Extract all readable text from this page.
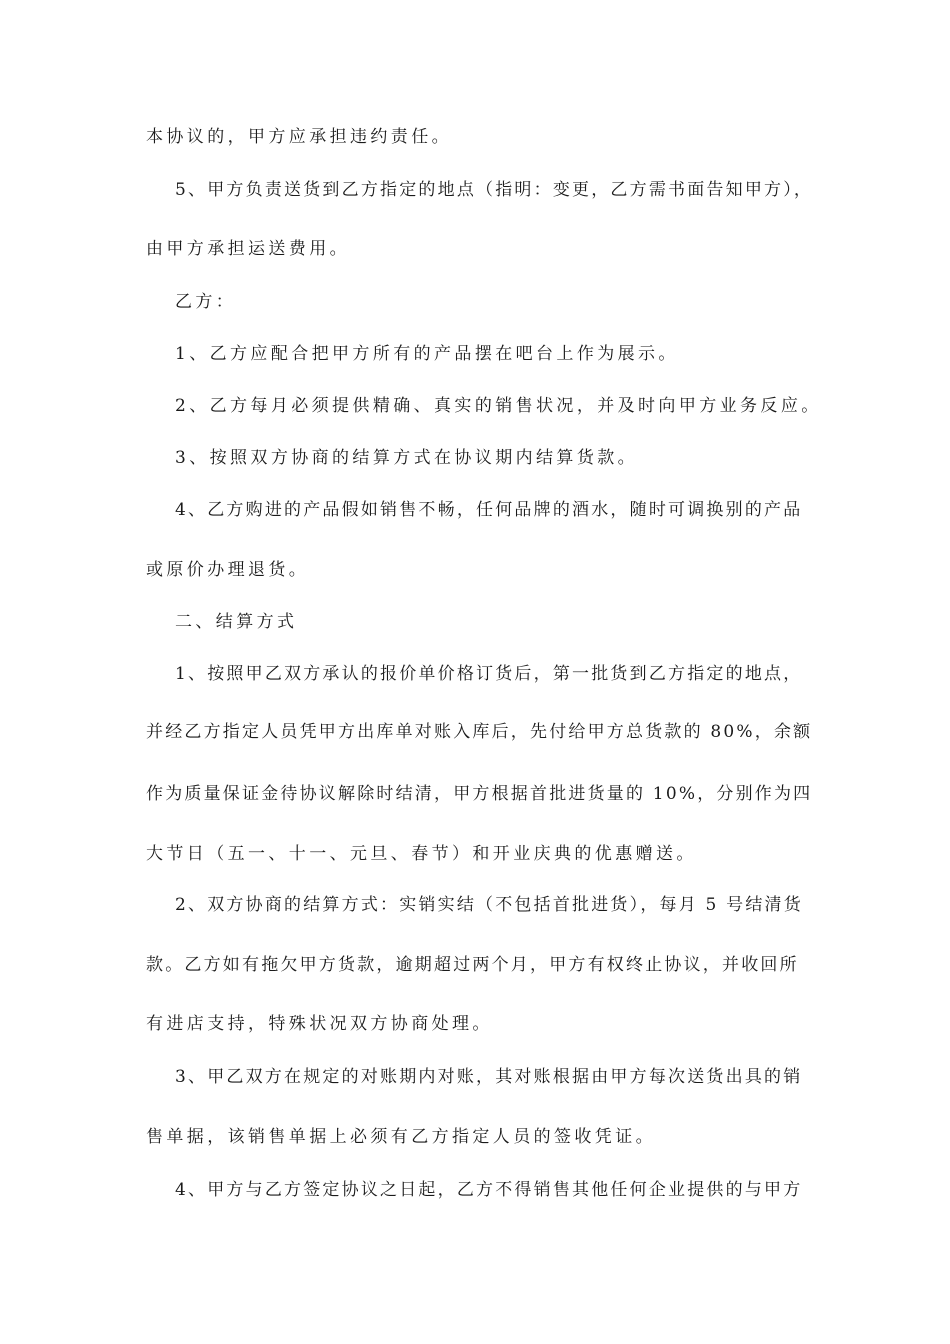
本协议的，甲方应承担违约责任。
5、甲方负责送货到乙方指定的地点（指明：变更，乙方需书面告知甲方），
由甲方承担运送费用。
乙方：
1、乙方应配合把甲方所有的产品摆在吧台上作为展示。
2、乙方每月必须提供精确、真实的销售状况，并及时向甲方业务反应。
3、按照双方协商的结算方式在协议期内结算货款。
4、乙方购进的产品假如销售不畅，任何品牌的酒水，随时可调换别的产品
或原价办理退货。
二、结算方式
1、按照甲乙双方承认的报价单价格订货后，第一批货到乙方指定的地点，
并经乙方指定人员凭甲方出库单对账入库后，先付给甲方总货款的 80%，余额
作为质量保证金待协议解除时结清，甲方根据首批进货量的 10%，分别作为四
大节日（五一、十一、元旦、春节）和开业庆典的优惠赠送。
2、双方协商的结算方式：实销实结（不包括首批进货），每月 5 号结清货
款。乙方如有拖欠甲方货款，逾期超过两个月，甲方有权终止协议，并收回所
有进店支持，特殊状况双方协商处理。
3、甲乙双方在规定的对账期内对账，其对账根据由甲方每次送货出具的销
售单据，该销售单据上必须有乙方指定人员的签收凭证。
4、甲方与乙方签定协议之日起，乙方不得销售其他任何企业提供的与甲方
